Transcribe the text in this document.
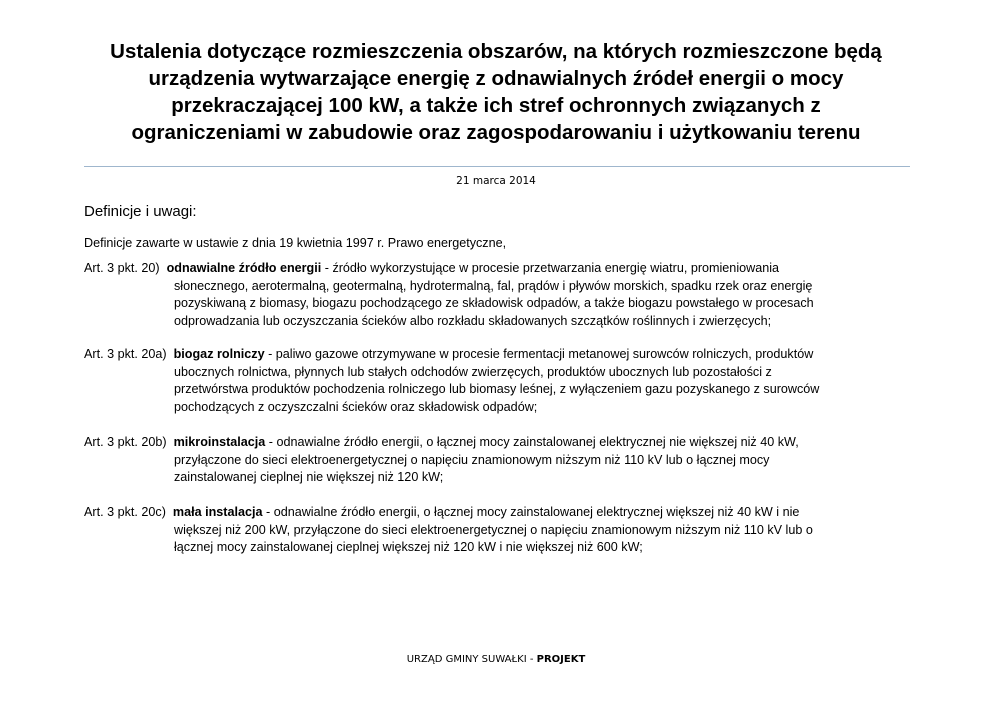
Ustalenia dotyczące rozmieszczenia obszarów, na których rozmieszczone będą
urządzenia wytwarzające energię z odnawialnych źródeł energii o mocy
przekraczającej 100 kW, a także ich stref ochronnych związanych z
ograniczeniami w zabudowie oraz zagospodarowaniu i użytkowaniu terenu
21 marca 2014
Definicje i uwagi:

Definicje zawarte w ustawie z dnia 19 kwietnia 1997 r. Prawo energetyczne,

Art. 3 pkt. 20) odnawialne źródło energii - źródło wykorzystujące w procesie przetwarzania energię wiatru, promieniowania
słonecznego, aerotermalną, geotermalną, hydrotermalną, fal, prądów i pływów morskich, spadku rzek oraz energię
pozyskiwaną z biomasy, biogazu pochodzącego ze składowisk odpadów, a także biogazu powstałego w procesach
odprowadzania lub oczyszczania ścieków albo rozkładu składowanych szczątków roślinnych i zwierzęcych;
Art. 3 pkt. 20a) biogaz rolniczy - paliwo gazowe otrzymywane w procesie fermentacji metanowej surowców rolniczych, produktów
ubocznych rolnictwa, płynnych lub stałych odchodów zwierzęcych, produktów ubocznych lub pozostałości z
przetwórstwa produktów pochodzenia rolniczego lub biomasy leśnej, z wyłączeniem gazu pozyskanego z surowców
pochodzących z oczyszczalni ścieków oraz składowisk odpadów;
Art. 3 pkt. 20b) mikroinstalacja - odnawialne źródło energii, o łącznej mocy zainstalowanej elektrycznej nie większej niż 40 kW,
przyłączone do sieci elektroenergetycznej o napięciu znamionowym niższym niż 110 kV lub o łącznej mocy
zainstalowanej cieplnej nie większej niż 120 kW;
Art. 3 pkt. 20c) mała instalacja - odnawialne źródło energii, o łącznej mocy zainstalowanej elektrycznej większej niż 40 kW i nie
większej niż 200 kW, przyłączone do sieci elektroenergetycznej o napięciu znamionowym niższym niż 110 kV lub o
łącznej mocy zainstalowanej cieplnej większej niż 120 kW i nie większej niż 600 kW;
URZĄD GMINY SUWAŁKI - PROJEKT
